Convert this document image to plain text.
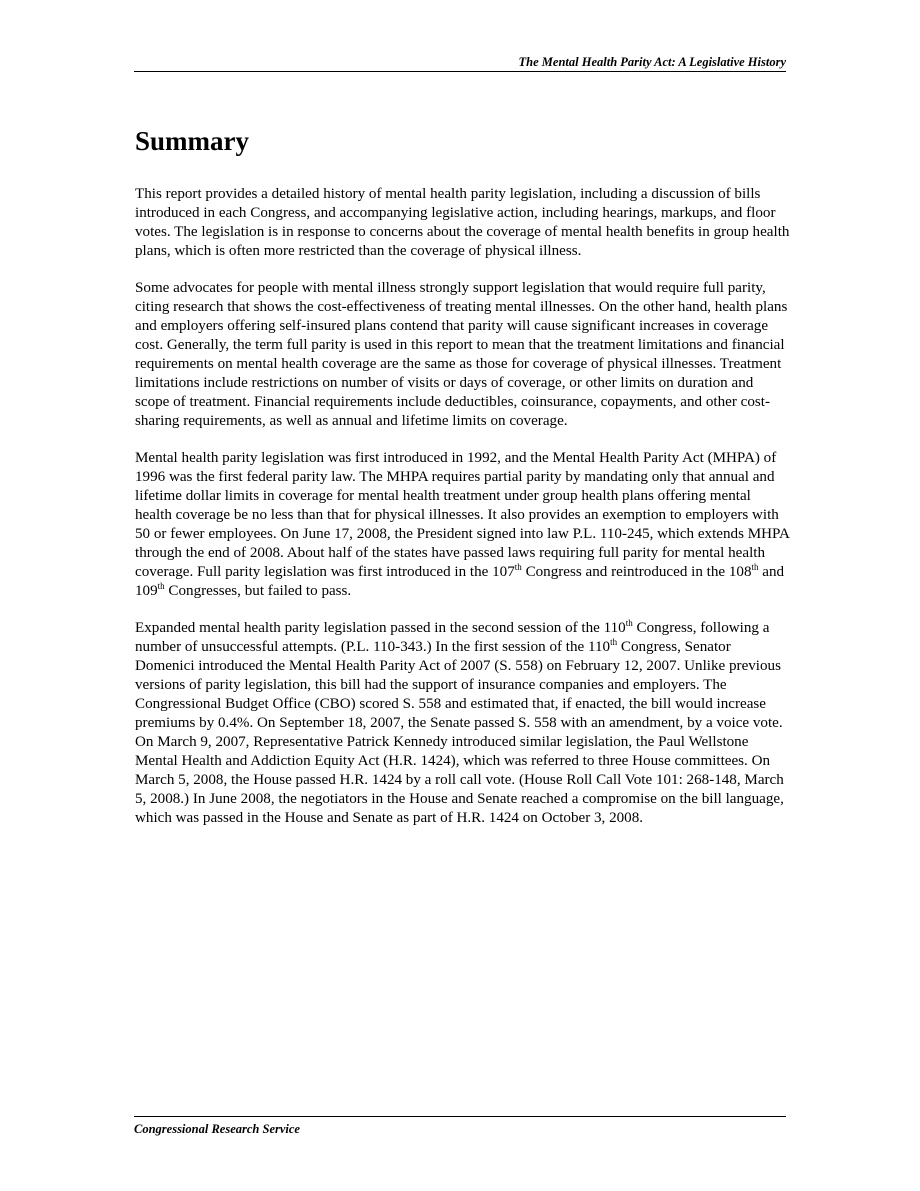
The Mental Health Parity Act: A Legislative History
Summary

This report provides a detailed history of mental health parity legislation, including a discussion of bills introduced in each Congress, and accompanying legislative action, including hearings, markups, and floor votes. The legislation is in response to concerns about the coverage of mental health benefits in group health plans, which is often more restricted than the coverage of physical illness.

Some advocates for people with mental illness strongly support legislation that would require full parity, citing research that shows the cost-effectiveness of treating mental illnesses. On the other hand, health plans and employers offering self-insured plans contend that parity will cause significant increases in coverage cost. Generally, the term full parity is used in this report to mean that the treatment limitations and financial requirements on mental health coverage are the same as those for coverage of physical illnesses. Treatment limitations include restrictions on number of visits or days of coverage, or other limits on duration and scope of treatment. Financial requirements include deductibles, coinsurance, copayments, and other cost-sharing requirements, as well as annual and lifetime limits on coverage.

Mental health parity legislation was first introduced in 1992, and the Mental Health Parity Act (MHPA) of 1996 was the first federal parity law. The MHPA requires partial parity by mandating only that annual and lifetime dollar limits in coverage for mental health treatment under group health plans offering mental health coverage be no less than that for physical illnesses. It also provides an exemption to employers with 50 or fewer employees. On June 17, 2008, the President signed into law P.L. 110-245, which extends MHPA through the end of 2008. About half of the states have passed laws requiring full parity for mental health coverage. Full parity legislation was first introduced in the 107th Congress and reintroduced in the 108th and 109th Congresses, but failed to pass.

Expanded mental health parity legislation passed in the second session of the 110th Congress, following a number of unsuccessful attempts. (P.L. 110-343.) In the first session of the 110th Congress, Senator Domenici introduced the Mental Health Parity Act of 2007 (S. 558) on February 12, 2007. Unlike previous versions of parity legislation, this bill had the support of insurance companies and employers. The Congressional Budget Office (CBO) scored S. 558 and estimated that, if enacted, the bill would increase premiums by 0.4%. On September 18, 2007, the Senate passed S. 558 with an amendment, by a voice vote. On March 9, 2007, Representative Patrick Kennedy introduced similar legislation, the Paul Wellstone Mental Health and Addiction Equity Act (H.R. 1424), which was referred to three House committees. On March 5, 2008, the House passed H.R. 1424 by a roll call vote. (House Roll Call Vote 101: 268-148, March 5, 2008.) In June 2008, the negotiators in the House and Senate reached a compromise on the bill language, which was passed in the House and Senate as part of H.R. 1424 on October 3, 2008.

Congressional Research Service
